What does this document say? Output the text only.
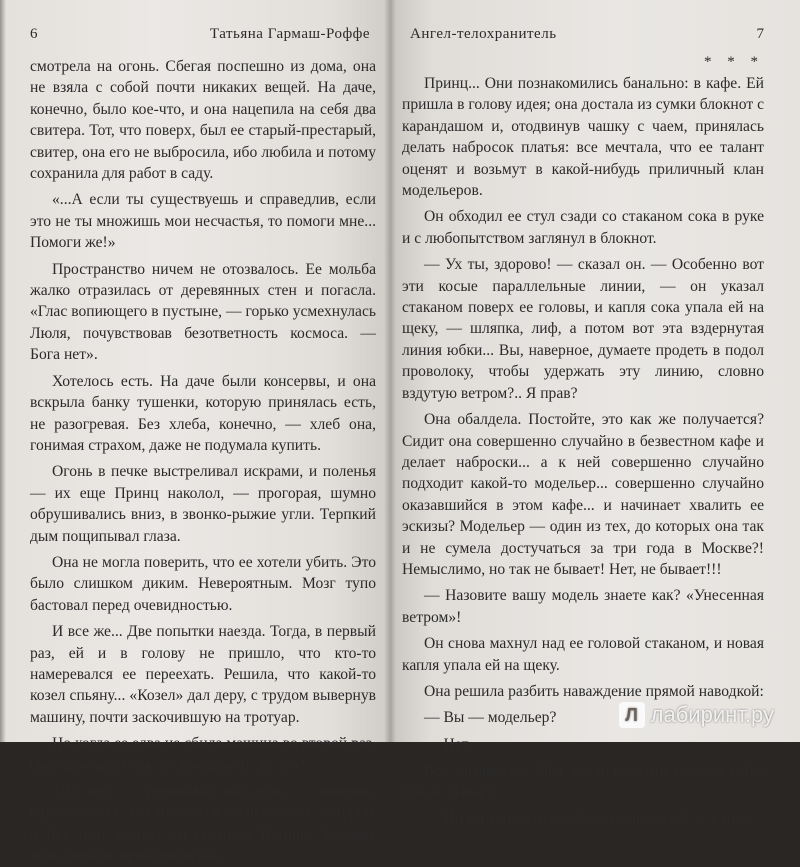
6	Татьяна Гармаш-Роффе

смотрела на огонь. Сбегая поспешно из дома, она не взяла с собой почти никаких вещей. На даче, конечно, было кое-что, и она нацепила на себя два свитера. Тот, что поверх, был ее старый-престарый, свитер, она его не выбросила, ибо любила и потому сохранила для работ в саду.

«...А если ты существуешь и справедлив, если это не ты множишь мои несчастья, то помоги мне... Помоги же!»

Пространство ничем не отозвалось. Ее мольба жалко отразилась от деревянных стен и погасла. «Глас вопиющего в пустыне, — горько усмехнулась Люля, почувствовав безответность космоса. — Бога нет».

Хотелось есть. На даче были консервы, и она вскрыла банку тушенки, которую принялась есть, не разогревая. Без хлеба, конечно, — хлеб она, гонимая страхом, даже не подумала купить.

Огонь в печке выстреливал искрами, и поленья — их еще Принц наколол, — прогорая, шумно обрушивались вниз, в звонко-рыжие угли. Терпкий дым пощипывал глаза.

Она не могла поверить, что ее хотели убить. Это было слишком диким. Невероятным. Мозг тупо бастовал перед очевидностью.

И все же... Две попытки наезда. Тогда, в первый раз, ей и в голову не пришло, что кто-то намеревался ее переехать. Решила, что какой-то козел спьяну... «Козел» дал деру, с трудом вывернув машину, почти заскочившую на тротуар.

Но когда ее едва не сбила машина во второй раз, она спросила себя: а случайность ли это?

«Да нет, — урезонила она себя, — конечно, случайность! Это множатся ее несчастья, которых и без того хватает со смертью Принца. Говорят ведь, беда не приходит одна...

Ангел-телохранитель	7
* * *

Принц... Они познакомились банально: в кафе. Ей пришла в голову идея; она достала из сумки блокнот с карандашом и, отодвинув чашку с чаем, принялась делать набросок платья: все мечтала, что ее талант оценят и возьмут в какой-нибудь приличный клан модельеров.

Он обходил ее стул сзади со стаканом сока в руке и с любопытством заглянул в блокнот.

— Ух ты, здорово! — сказал он. — Особенно вот эти косые параллельные линии, — он указал стаканом поверх ее головы, и капля сока упала ей на щеку, — шляпка, лиф, а потом вот эта вздернутая линия юбки... Вы, наверное, думаете продеть в подол проволоку, чтобы удержать эту линию, словно вздутую ветром?.. Я прав?

Она обалдела. Постойте, это как же получается? Сидит она совершенно случайно в безвестном кафе и делает наброски... а к ней совершенно случайно подходит какой-то модельер... совершенно случайно оказавшийся в этом кафе... и начинает хвалить ее эскизы? Модельер — один из тех, до которых она так и не сумела достучаться за три года в Москве?! Немыслимо, но так не бывает! Нет, не бывает!!!

— Назовите вашу модель знаете как? «Унесенная ветром»!

Он снова махнул над ее головой стаканом, и новая капля упала ей на щеку.

Она решила разбить наваждение прямой наводкой:

— Вы — модельер?

— Нет.

Все правильно. Она же только что сказала себе: так не бывает.

— Но вы в этом что-нибудь понимаете? — с иро-

Л лабиринт.ру
